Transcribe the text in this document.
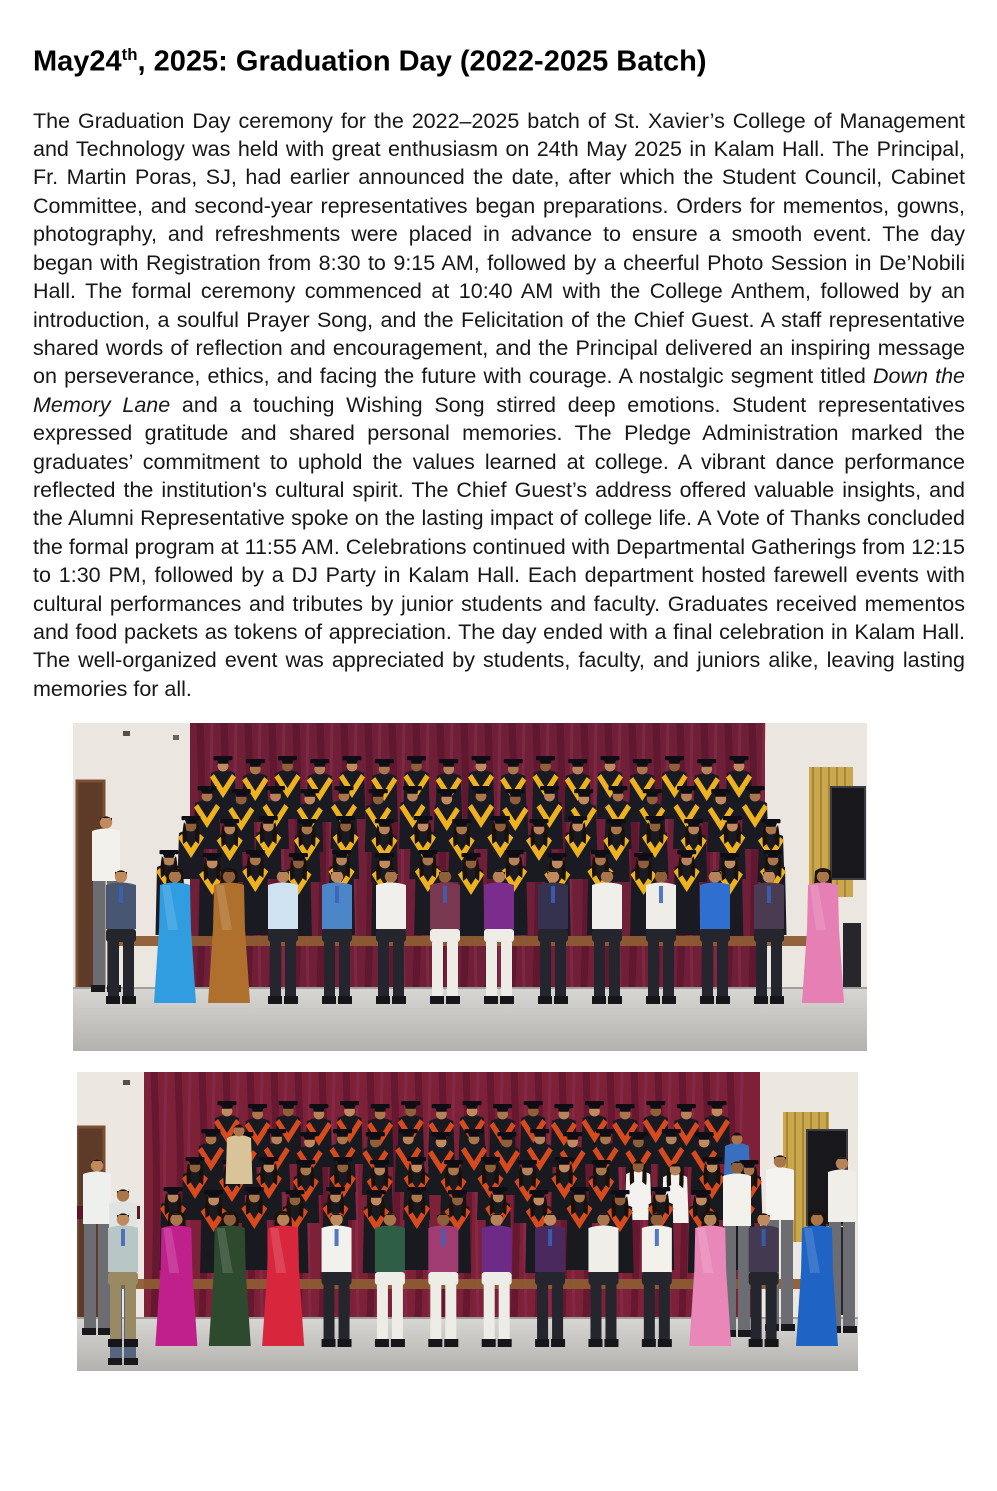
May24th, 2025: Graduation Day (2022-2025 Batch)

The Graduation Day ceremony for the 2022–2025 batch of St. Xavier’s College of Management and Technology was held with great enthusiasm on 24th May 2025 in Kalam Hall. The Principal, Fr. Martin Poras, SJ, had earlier announced the date, after which the Student Council, Cabinet Committee, and second-year representatives began preparations. Orders for mementos, gowns, photography, and refreshments were placed in advance to ensure a smooth event. The day began with Registration from 8:30 to 9:15 AM, followed by a cheerful Photo Session in De’Nobili Hall. The formal ceremony commenced at 10:40 AM with the College Anthem, followed by an introduction, a soulful Prayer Song, and the Felicitation of the Chief Guest. A staff representative shared words of reflection and encouragement, and the Principal delivered an inspiring message on perseverance, ethics, and facing the future with courage. A nostalgic segment titled Down the Memory Lane and a touching Wishing Song stirred deep emotions. Student representatives expressed gratitude and shared personal memories. The Pledge Administration marked the graduates’ commitment to uphold the values learned at college. A vibrant dance performance reflected the institution's cultural spirit. The Chief Guest’s address offered valuable insights, and the Alumni Representative spoke on the lasting impact of college life. A Vote of Thanks concluded the formal program at 11:55 AM. Celebrations continued with Departmental Gatherings from 12:15 to 1:30 PM, followed by a DJ Party in Kalam Hall. Each department hosted farewell events with cultural performances and tributes by junior students and faculty. Graduates received mementos and food packets as tokens of appreciation. The day ended with a final celebration in Kalam Hall. The well-organized event was appreciated by students, faculty, and juniors alike, leaving lasting memories for all.
